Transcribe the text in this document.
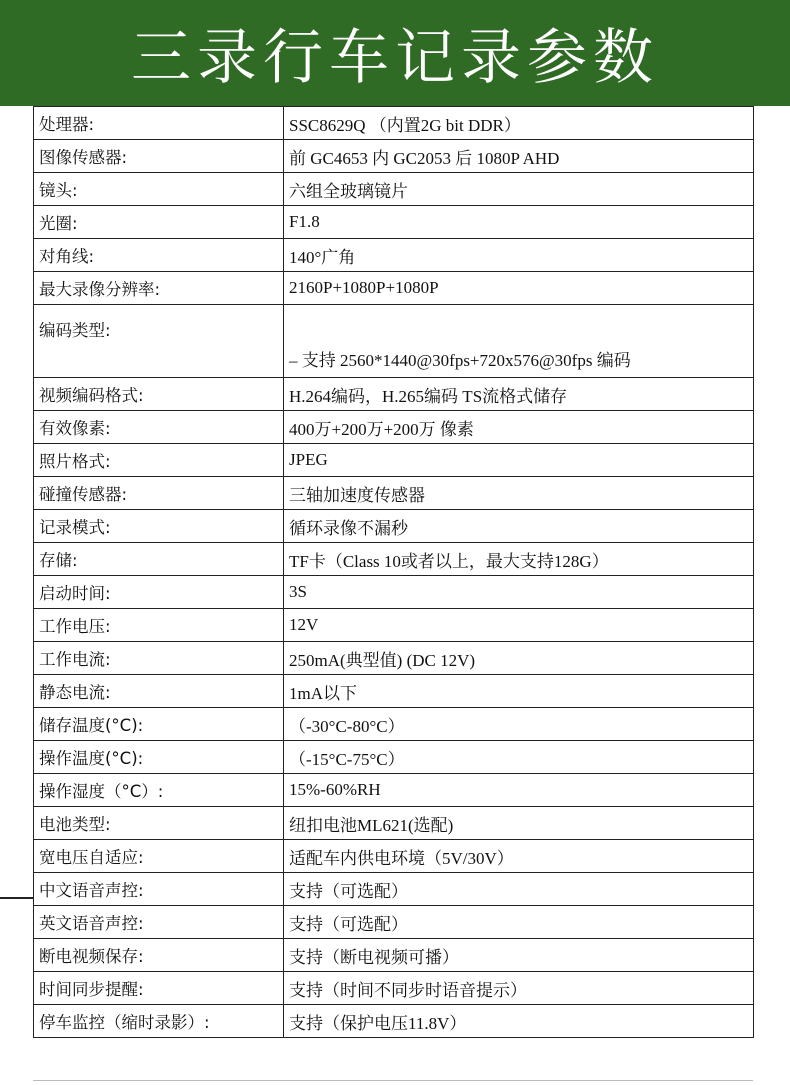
三录行车记录参数
处理器:	SSC8629Q （内置2G bit DDR）
图像传感器:	前 GC4653 内 GC2053 后 1080P AHD
镜头:	六组全玻璃镜片
光圈:	F1.8
对角线:	140°广角
最大录像分辨率:	2160P+1080P+1080P
编码类型:	– 支持 2560*1440@30fps+720x576@30fps 编码
视频编码格式:	H.264编码，H.265编码 TS流格式储存
有效像素:	400万+200万+200万 像素
照片格式:	JPEG
碰撞传感器:	三轴加速度传感器
记录模式:	循环录像不漏秒
存储:	TF卡（Class 10或者以上，最大支持128G）
启动时间:	3S
工作电压:	12V
工作电流:	250mA(典型值) (DC 12V)
静态电流:	1mA以下
储存温度(°C):	（-30°C-80°C）
操作温度(°C):	（-15°C-75°C）
操作湿度（°C）:	15%-60%RH
电池类型:	纽扣电池ML621(选配)
宽电压自适应:	适配车内供电环境（5V/30V）
中文语音声控:	支持（可选配）
英文语音声控:	支持（可选配）
断电视频保存:	支持（断电视频可播）
时间同步提醒:	支持（时间不同步时语音提示）
停车监控（缩时录影）:	支持（保护电压11.8V）
